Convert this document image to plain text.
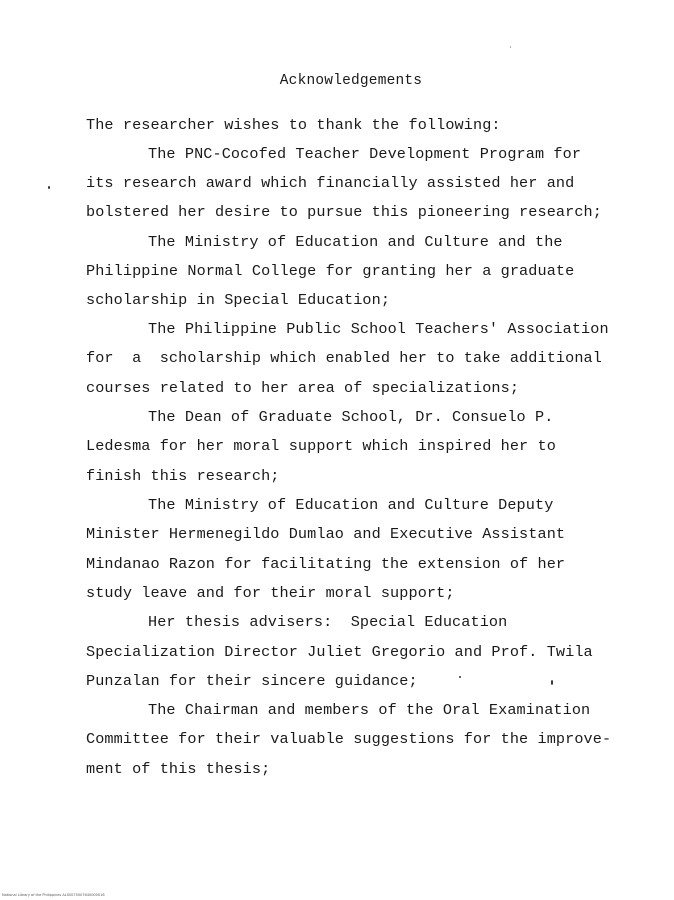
Acknowledgements
The researcher wishes to thank the following:
The PNC-Cocofed Teacher Development Program for
its research award which financially assisted her and
bolstered her desire to pursue this pioneering research;
The Ministry of Education and Culture and the
Philippine Normal College for granting her a graduate
scholarship in Special Education;
The Philippine Public School Teachers' Association
for  a  scholarship which enabled her to take additional
courses related to her area of specializations;
The Dean of Graduate School, Dr. Consuelo P.
Ledesma for her moral support which inspired her to
finish this research;
The Ministry of Education and Culture Deputy
Minister Hermenegildo Dumlao and Executive Assistant
Mindanao Razon for facilitating the extension of her
study leave and for their moral support;
Her thesis advisers:  Special Education
Specialization Director Juliet Gregorio and Prof. Twila
Punzalan for their sincere guidance;
The Chairman and members of the Oral Examination
Committee for their valuable suggestions for the improve-
ment of this thesis;
National Library of the Philippines ALS0075007640000016
